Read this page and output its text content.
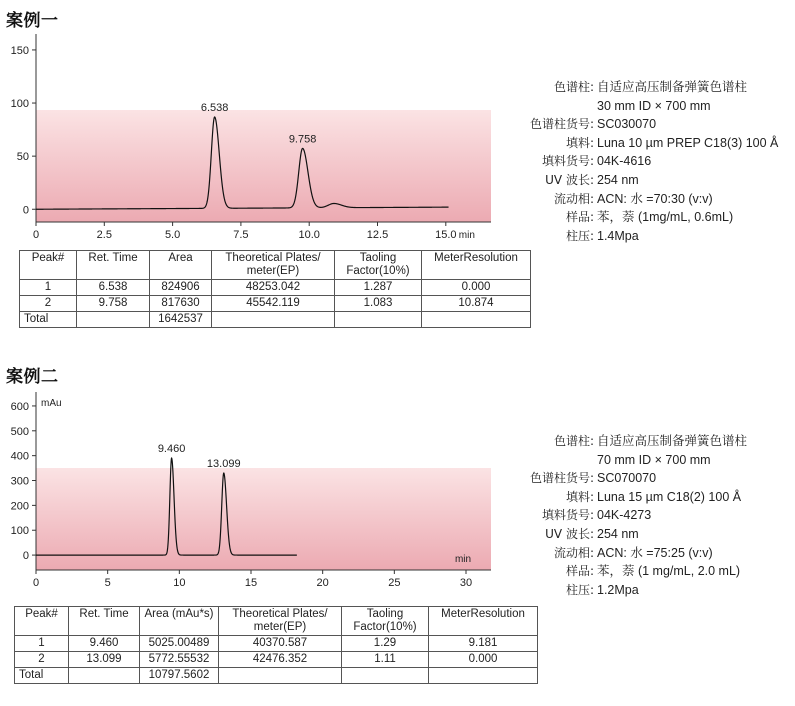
案例一
0
50
100
150
0	2.5	5.0	7.5	10.0	12.5	15.0 min
6.538
9.758
Peak#	Ret. Time	Area	Theoretical Plates/ meter(EP)	Taoling Factor(10%)	MeterResolution
1	6.538	824906	48253.042	1.287	0.000
2	9.758	817630	45542.119	1.083	10.874
Total		1642537			
色谱柱: 自适应高压制备弹簧色谱柱
30 mm ID × 700 mm
色谱柱货号: SC030070
填料: Luna 10 µm PREP C18(3) 100 Å
填料货号: 04K-4616
UV 波长: 254 nm
流动相: ACN: 水 =70:30 (v:v)
样品: 苯，萘 (1mg/mL, 0.6mL)
柱压: 1.4Mpa
案例二
0
100
200
300
400
500
600
0	5	10	15	20	25	30
min
mAu
9.460
13.099
Peak#	Ret. Time	Area (mAu*s)	Theoretical Plates/ meter(EP)	Taoling Factor(10%)	MeterResolution
1	9.460	5025.00489	40370.587	1.29	9.181
2	13.099	5772.55532	42476.352	1.11	0.000
Total		10797.5602			
色谱柱: 自适应高压制备弹簧色谱柱
70 mm ID × 700 mm
色谱柱货号: SC070070
填料: Luna 15 µm C18(2) 100 Å
填料货号: 04K-4273
UV 波长: 254 nm
流动相: ACN: 水 =75:25 (v:v)
样品: 苯，萘 (1 mg/mL, 2.0 mL)
柱压: 1.2Mpa
